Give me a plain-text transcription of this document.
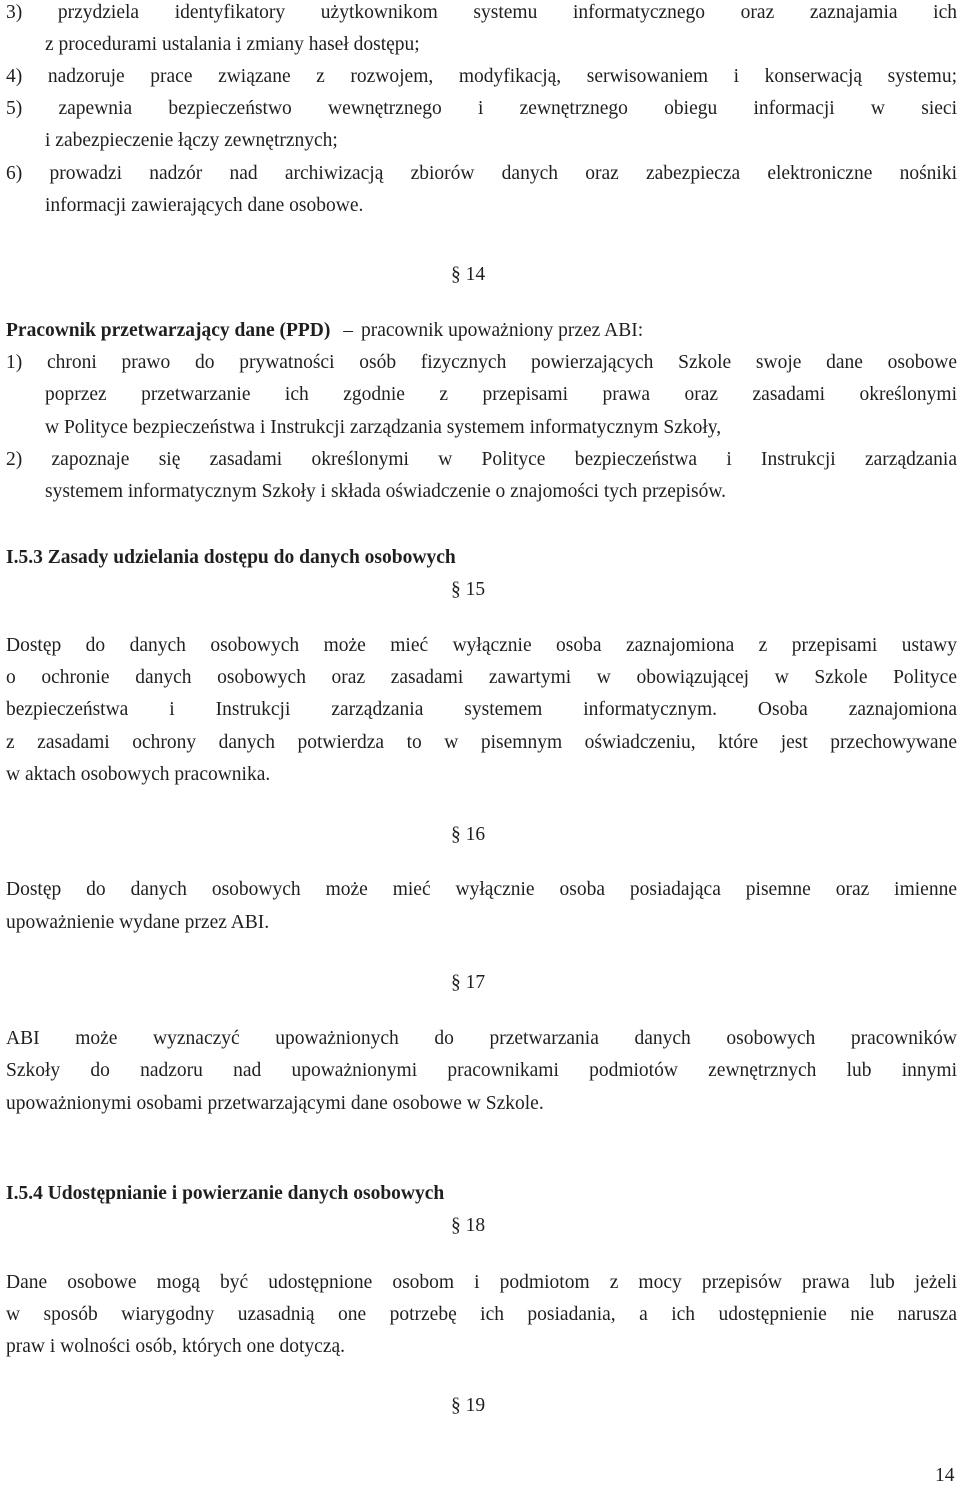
3) przydziela identyfikatory użytkownikom systemu informatycznego oraz zaznajamia ich
z procedurami ustalania i zmiany haseł dostępu;
4) nadzoruje prace związane z rozwojem, modyfikacją, serwisowaniem i konserwacją systemu;
5) zapewnia bezpieczeństwo wewnętrznego i zewnętrznego obiegu informacji w sieci
i zabezpieczenie łączy zewnętrznych;
6) prowadzi nadzór nad archiwizacją zbiorów danych oraz zabezpiecza elektroniczne nośniki
informacji zawierających dane osobowe.
§ 14
Pracownik przetwarzający dane (PPD) – pracownik upoważniony przez ABI:
1) chroni prawo do prywatności osób fizycznych powierzających Szkole swoje dane osobowe
poprzez przetwarzanie ich zgodnie z przepisami prawa oraz zasadami określonymi
w Polityce bezpieczeństwa i Instrukcji zarządzania systemem informatycznym Szkoły,
2) zapoznaje się zasadami określonymi w Polityce bezpieczeństwa i Instrukcji zarządzania
systemem informatycznym Szkoły i składa oświadczenie o znajomości tych przepisów.
I.5.3 Zasady udzielania dostępu do danych osobowych
§ 15
Dostęp do danych osobowych może mieć wyłącznie osoba zaznajomiona z przepisami ustawy
o ochronie danych osobowych oraz zasadami zawartymi w obowiązującej w Szkole Polityce
bezpieczeństwa i Instrukcji zarządzania systemem informatycznym. Osoba zaznajomiona
z zasadami ochrony danych potwierdza to w pisemnym oświadczeniu, które jest przechowywane
w aktach osobowych pracownika.
§ 16
Dostęp do danych osobowych może mieć wyłącznie osoba posiadająca pisemne oraz imienne
upoważnienie wydane przez ABI.
§ 17
ABI może wyznaczyć upoważnionych do przetwarzania danych osobowych pracowników
Szkoły do nadzoru nad upoważnionymi pracownikami podmiotów zewnętrznych lub innymi
upoważnionymi osobami przetwarzającymi dane osobowe w Szkole.
I.5.4 Udostępnianie i powierzanie danych osobowych
§ 18
Dane osobowe mogą być udostępnione osobom i podmiotom z mocy przepisów prawa lub jeżeli
w sposób wiarygodny uzasadnią one potrzebę ich posiadania, a ich udostępnienie nie narusza
praw i wolności osób, których one dotyczą.
§ 19
14
